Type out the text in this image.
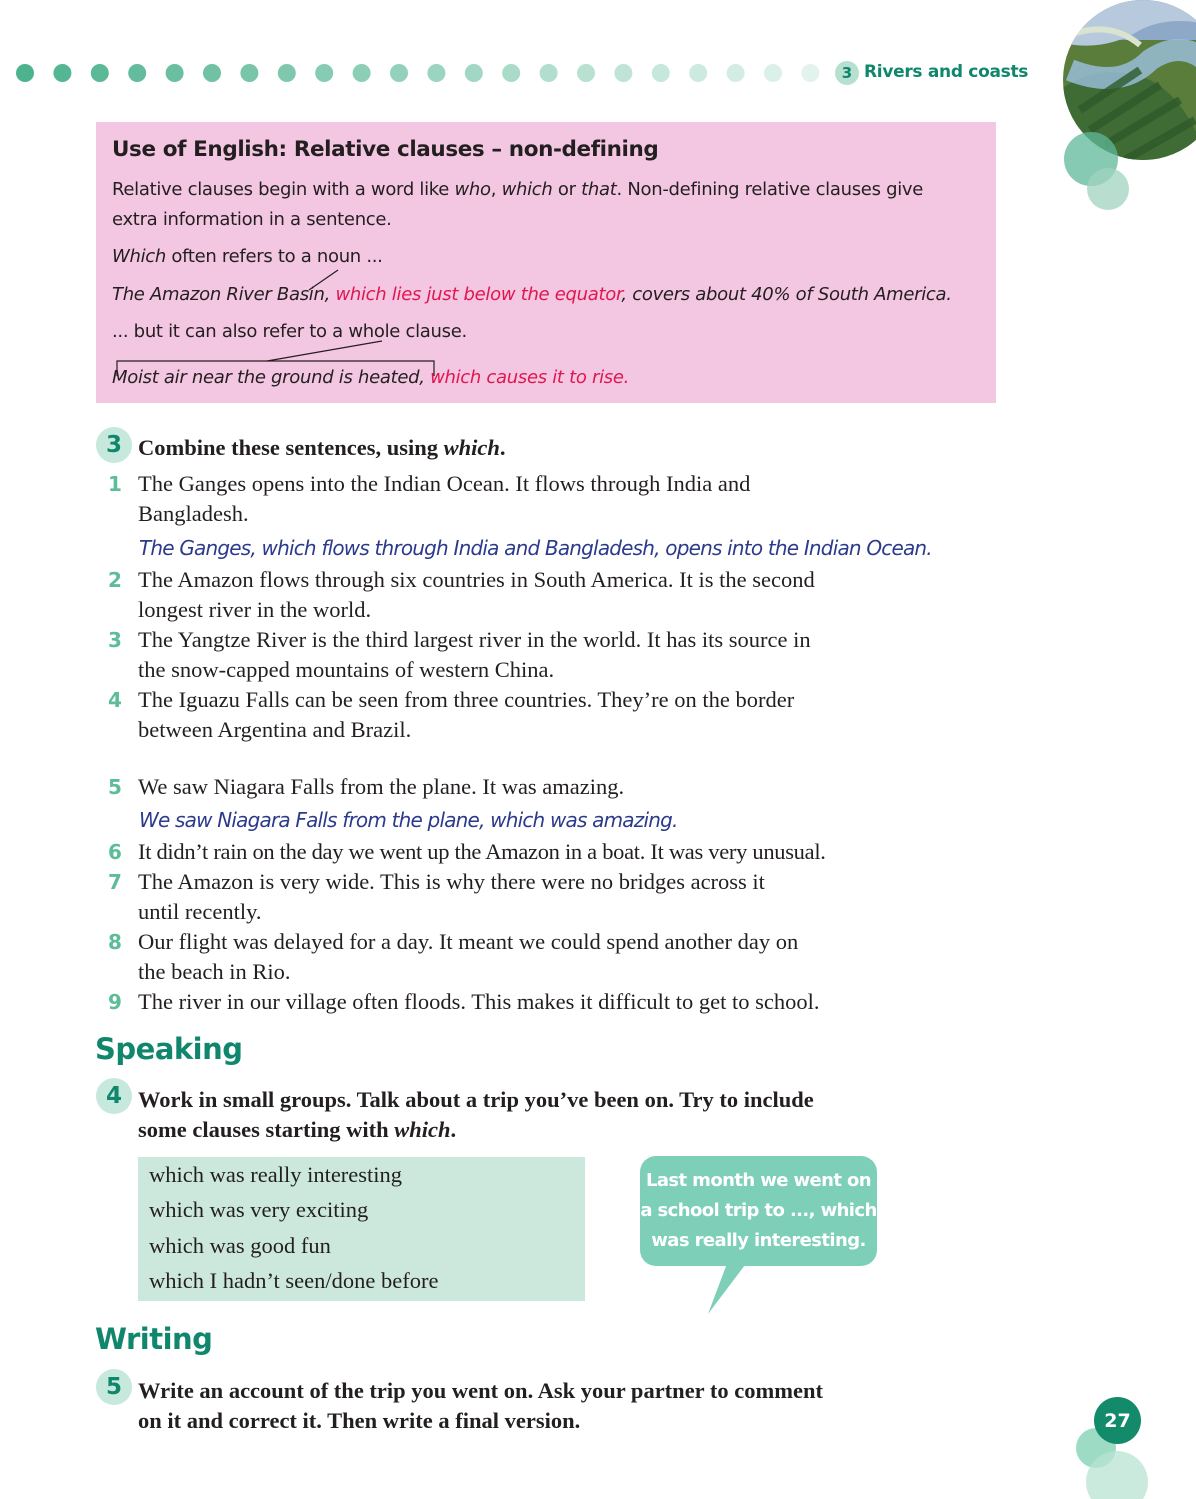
3 Rivers and coasts
Use of English: Relative clauses – non-defining
Relative clauses begin with a word like who, which or that. Non-defining relative clauses give
extra information in a sentence.
Which often refers to a noun ...
The Amazon River Basin, which lies just below the equator, covers about 40% of South America.
... but it can also refer to a whole clause.
Moist air near the ground is heated, which causes it to rise.
3 Combine these sentences, using which.
1 The Ganges opens into the Indian Ocean. It flows through India and
Bangladesh.
The Ganges, which flows through India and Bangladesh, opens into the Indian Ocean.
2 The Amazon flows through six countries in South America. It is the second
longest river in the world.
3 The Yangtze River is the third largest river in the world. It has its source in
the snow-capped mountains of western China.
4 The Iguazu Falls can be seen from three countries. They’re on the border
between Argentina and Brazil.
5 We saw Niagara Falls from the plane. It was amazing.
We saw Niagara Falls from the plane, which was amazing.
6 It didn’t rain on the day we went up the Amazon in a boat. It was very unusual.
7 The Amazon is very wide. This is why there were no bridges across it
until recently.
8 Our flight was delayed for a day. It meant we could spend another day on
the beach in Rio.
9 The river in our village often floods. This makes it difficult to get to school.
Speaking
4 Work in small groups. Talk about a trip you’ve been on. Try to include
some clauses starting with which.
which was really interesting
which was very exciting
which was good fun
which I hadn’t seen/done before
Last month we went on
a school trip to ..., which
was really interesting.
Writing
5 Write an account of the trip you went on. Ask your partner to comment
on it and correct it. Then write a final version.	27
